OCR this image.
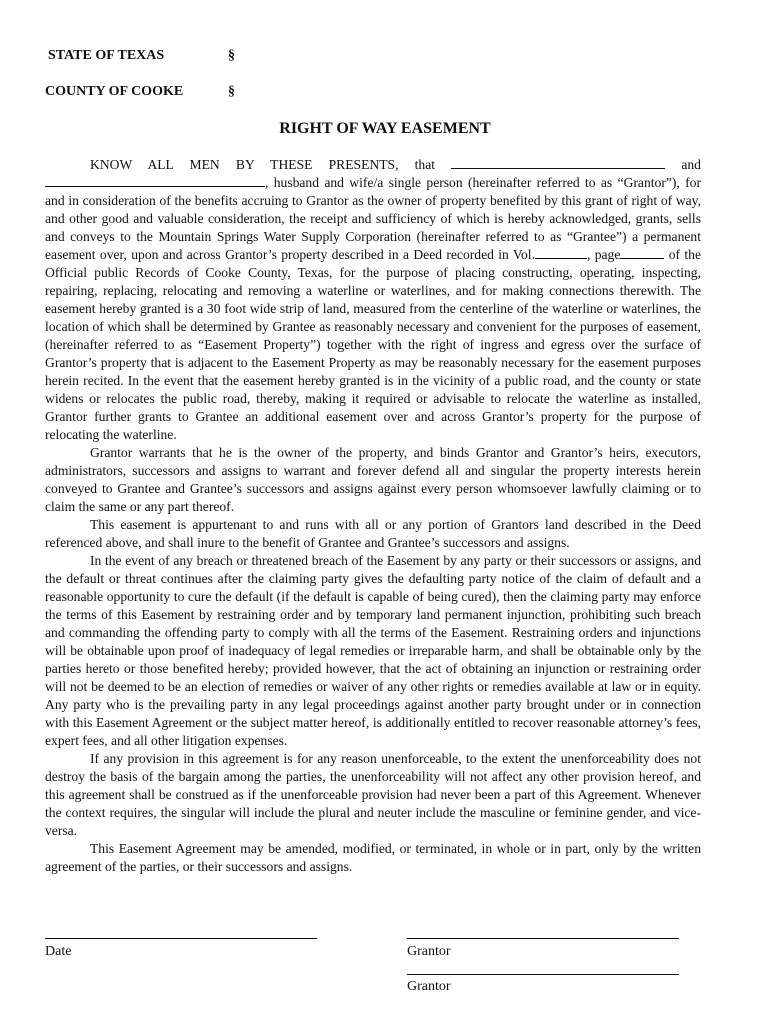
STATE OF TEXAS	§
COUNTY OF COOKE	§
RIGHT OF WAY EASEMENT

KNOW ALL MEN BY THESE PRESENTS, that	and , husband and wife/a single person (hereinafter referred to as “Grantor”), for and in consideration of the benefits accruing to Grantor as the owner of property benefited by this grant of right of way, and other good and valuable consideration, the receipt and sufficiency of which is hereby acknowledged, grants, sells and conveys to the Mountain Springs Water Supply Corporation (hereinafter referred to as “Grantee”) a permanent easement over, upon and across Grantor’s property described in a Deed recorded in Vol.	, page	of the Official public Records of Cooke County, Texas, for the purpose of placing constructing, operating, inspecting, repairing, replacing, relocating and removing a waterline or waterlines, and for making connections therewith. The easement hereby granted is a 30 foot wide strip of land, measured from the centerline of the waterline or waterlines, the location of which shall be determined by Grantee as reasonably necessary and convenient for the purposes of easement, (hereinafter referred to as “Easement Property”) together with the right of ingress and egress over the surface of Grantor’s property that is adjacent to the Easement Property as may be reasonably necessary for the easement purposes herein recited. In the event that the easement hereby granted is in the vicinity of a public road, and the county or state widens or relocates the public road, thereby, making it required or advisable to relocate the waterline as installed, Grantor further grants to Grantee an additional easement over and across Grantor’s property for the purpose of relocating the waterline.

Grantor warrants that he is the owner of the property, and binds Grantor and Grantor’s heirs, executors, administrators, successors and assigns to warrant and forever defend all and singular the property interests herein conveyed to Grantee and Grantee’s successors and assigns against every person whomsoever lawfully claiming or to claim the same or any part thereof.

This easement is appurtenant to and runs with all or any portion of Grantors land described in the Deed referenced above, and shall inure to the benefit of Grantee and Grantee’s successors and assigns.

In the event of any breach or threatened breach of the Easement by any party or their successors or assigns, and the default or threat continues after the claiming party gives the defaulting party notice of the claim of default and a reasonable opportunity to cure the default (if the default is capable of being cured), then the claiming party may enforce the terms of this Easement by restraining order and by temporary land permanent injunction, prohibiting such breach and commanding the offending party to comply with all the terms of the Easement. Restraining orders and injunctions will be obtainable upon proof of inadequacy of legal remedies or irreparable harm, and shall be obtainable only by the parties hereto or those benefited hereby; provided however, that the act of obtaining an injunction or restraining order will not be deemed to be an election of remedies or waiver of any other rights or remedies available at law or in equity. Any party who is the prevailing party in any legal proceedings against another party brought under or in connection with this Easement Agreement or the subject matter hereof, is additionally entitled to recover reasonable attorney’s fees, expert fees, and all other litigation expenses.

If any provision in this agreement is for any reason unenforceable, to the extent the unenforceability does not destroy the basis of the bargain among the parties, the unenforceability will not affect any other provision hereof, and this agreement shall be construed as if the unenforceable provision had never been a part of this Agreement. Whenever the context requires, the singular will include the plural and neuter include the masculine or feminine gender, and vice-versa.

This Easement Agreement may be amended, modified, or terminated, in whole or in part, only by the written agreement of the parties, or their successors and assigns.

Date	Grantor
Grantor
